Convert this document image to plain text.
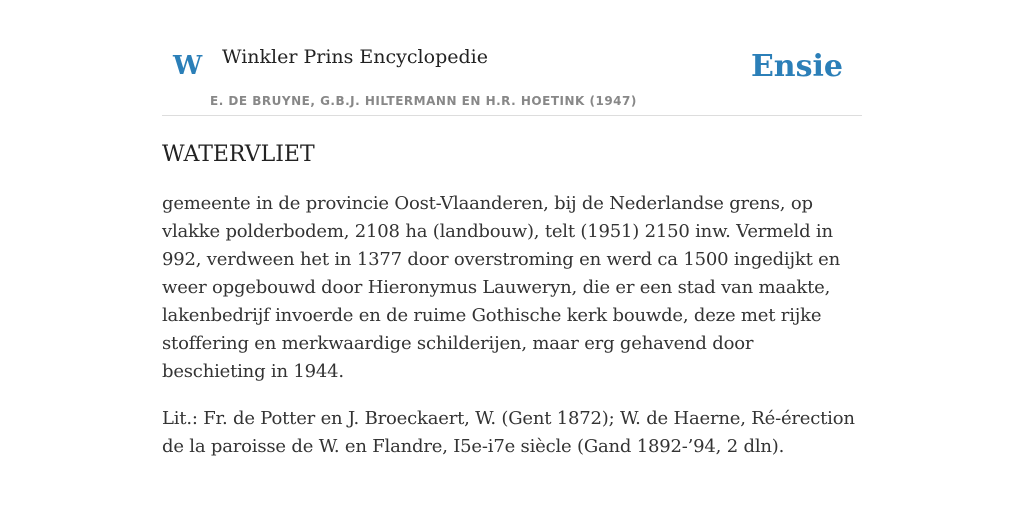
W Winkler Prins Encyclopedie
E. DE BRUYNE, G.B.J. HILTERMANN EN H.R. HOETINK (1947)
Ensie
WATERVLIET

gemeente in de provincie Oost-Vlaanderen, bij de Nederlandse grens, op vlakke polderbodem, 2108 ha (landbouw), telt (1951) 2150 inw. Vermeld in 992, verdween het in 1377 door overstroming en werd ca 1500 ingedijkt en weer opgebouwd door Hieronymus Lauweryn, die er een stad van maakte, lakenbedrijf invoerde en de ruime Gothische kerk bouwde, deze met rijke stoffering en merkwaardige schilderijen, maar erg gehavend door beschieting in 1944.

Lit.: Fr. de Potter en J. Broeckaert, W. (Gent 1872); W. de Haerne, Ré-érection de la paroisse de W. en Flandre, I5e-i7e siècle (Gand 1892-’94, 2 dln).
